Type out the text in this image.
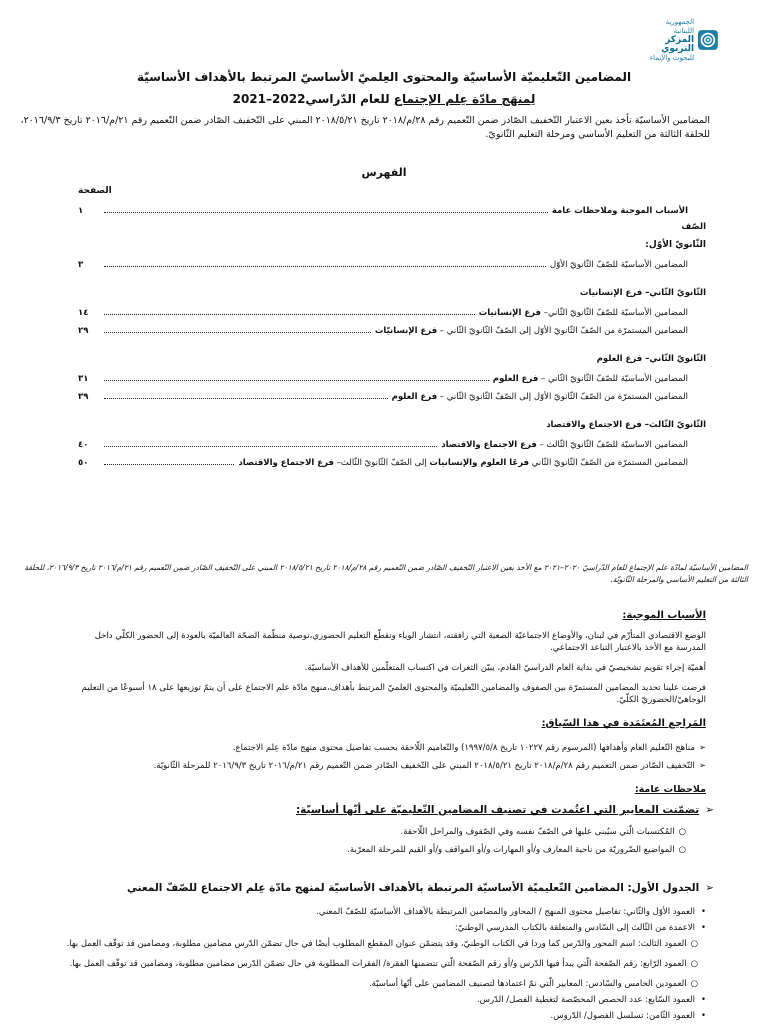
الجمهورية اللبنانية
المركز التربوي
للبحوث والإنماء
المضامين التّعليميّة الأساسيّة والمحتوى العِلميّ الأساسيّ المرتبط بالأهداف الأساسيّة
لِمنهَج مادّة عِلم الإجتماع للعام الدّراسي2022–2021
المضامين الأساسيّة تأخذ بعين الاعتبار التّخفيف الصّادر ضمن التّعميم رقم ٢٨/م/٢٠١٨ تاريخ ٢٠١٨/٥/٢١ المبني على التّخفيف الصّادر ضمن التّعميم رقم ٢١/م/٢٠١٦ تاريخ ٢٠١٦/٩/٣، للحلقة الثالثة من التعليم الأساسي ومرحلة التعليم الثّانويّ.
الفهرس
الصفحة
الأسباب الموجبة وملاحظات عامة
١
الصّف
الثّانويّ الأوّل:
المضامين الأساسيّة للصّفّ الثّانويّ الأوّل
٣
الثّانويّ الثّاني– فرع الإنسانيات
المضامين الأساسيّة للصّفّ الثّانويّ الثّاني– فرع الإنسانيات
١٤
المضامين المستمرّة من الصّفّ الثّانويّ الأوّل إلى الصّفّ الثّانويّ الثّاني – فرع الإنسانيّات
٢٩
الثّانويّ الثّاني– فرع العلوم
المضامين الأساسيّة للصّفّ الثّانويّ الثّاني – فرع العلوم
٣١
المضامين المستمرّة من الصّفّ الثّانويّ الأوّل إلى الصّفّ الثّانويّ الثّاني – فرع العلوم
٣٩
الثّانويّ الثّالث– فرع الاجتماع والاقتصاد
المضامين الاساسيّة للصّفّ الثّانويّ الثّالث – فرع الاجتماع والاقتصاد
٤٠
المضامين المستمرّة من الصّفّ الثّانويّ الثّاني فرعَا العلوم والإنسانيات إلى الصّفّ الثّانويّ الثّالث– فرع الاجتماع والاقتصاد
٥٠
المضامين الأساسيّة لمادّة علم الإجتماع للعام الدّراسيّ ٢٠٢٠–٢٠٢١ مع الأخذ بعين الاعتبار التّخفيف الصّادر ضمن التّعميم رقم ٢٨/م/٢٠١٨ تاريخ ٢٠١٨/٥/٢١ المبني على التّخفيف الصّادر ضمن التّعميم رقم ٢١/م/٢٠١٦ تاريخ ٢٠١٦/٩/٣، للحلقة الثالثة من التعليم الأساسي والمرحلة الثّانويّة.
الأسباب الموجبة:
الوضع الاقتصادي المتأزّم في لبنان، والأوضاع الاجتماعيّة الصعبة التي رافقته، انتشار الوباء وتقطّع التعليم الحضوري،توصية منظّمة الصحّة العالميّة بالعودة إلى الحضور الكلّي داخل المدرسة مع الأخذ بالاعتبار التباعد الاجتماعي.
أهميّة إجراء تقويم تشخيصيّ في بداية العام الدراسيّ القادم، يبيّن الثغرات في اكتساب المتعلّمين للأهداف الأساسيّة.
فرضت علينا تحديد المضامين المستمرّة بين الصفوف والمضامين التّعليميّة والمحتوى العلميّ المرتبط بأهداف،منهج مادّة علم الاجتماع على أن يتمّ توزيعها على ١٨ أسبوعًا من التعليم الوجاهيّ/الحضوريّ الكلّيّ.
المَراجع المُعتَمَدة في هذا السّياق:
➢
مناهج التّعليم العام وأهدافها (المرسوم رقم ١٠٢٢٧ تاريخ ١٩٩٧/٥/٨) والتّعاميم اللّاحقة بحسب تفاصيل محتوى منهج مادّة عِلم الاجتماع.
➢
التّخفيف الصّادر ضمن التعميم رقم ٢٨/م/٢٠١٨ تاريخ ٢٠١٨/٥/٢١ المبني على التّخفيف الصّادر ضمن التّعميم رقم ٢١/م/٢٠١٦ تاريخ ٢٠١٦/٩/٣ للمرحلة الثّانويّة.
ملاحظات عامة:
➢
تضمّنت المعايير التي اعتُمدت في تصنيف المضامين التّعليميّة على أنّها أساسيّة:
○
المُكتسبات الّتي سيُبنى عليها في الصّفّ نفسه وفي الصّفوف والمراحل اللّاحقة.
○
المواضيع الضّروريّة من ناحية المعارف و/أو المهارات و/أو المواقف و/أو القيم للمرحلة المعرّبة.
➢
الجدول الأول: المضامين التّعليميّة الأساسيّة المرتبطة بالأهداف الأساسيّة لمنهج مادّة عِلم الاجتماع للصّفّ المعني
•
العمود الأوّل والثّاني: تفاصيل محتوى المنهج / المحاور والمضامين المرتبطة بالأهداف الأساسيّة للصّفّ المعني.
•
الاعمدة من الثّالث إلى السّادس والمتعلقة بالكتاب المدرسي الوطنيّ:
○
العمود الثالث: اسم المحور والدّرس كما وردا في الكتاب الوطنيّ، وقد يتضمّن عنوان المقطع المطلوب أيضًا في حال تضمّن الدّرس مضامين مطلوبة، ومضامين قد توقّف العمل بها.
○
العمود الرّابع: رقم الصّفحة الّتي يبدأ فيها الدّرس و/أو رقم الصّفحة الّتي تتضمنها الفقرة/ الفقرات المطلوبة في حال تضمّن الدّرس مضامين مطلوبة، ومضامين قد توقّف العمل بها.
○
العمودين الخامس والسّادس: المعايير الّتي تمّ اعتمادها لتصنيف المضامين على أنّها أساسيّة.
•
العمود السّابع: عدد الحصص المخصّصة لتغطية الفصل/ الدّرس.
•
العمود الثّامن: تسلسل الفصول/ الدّروس.
